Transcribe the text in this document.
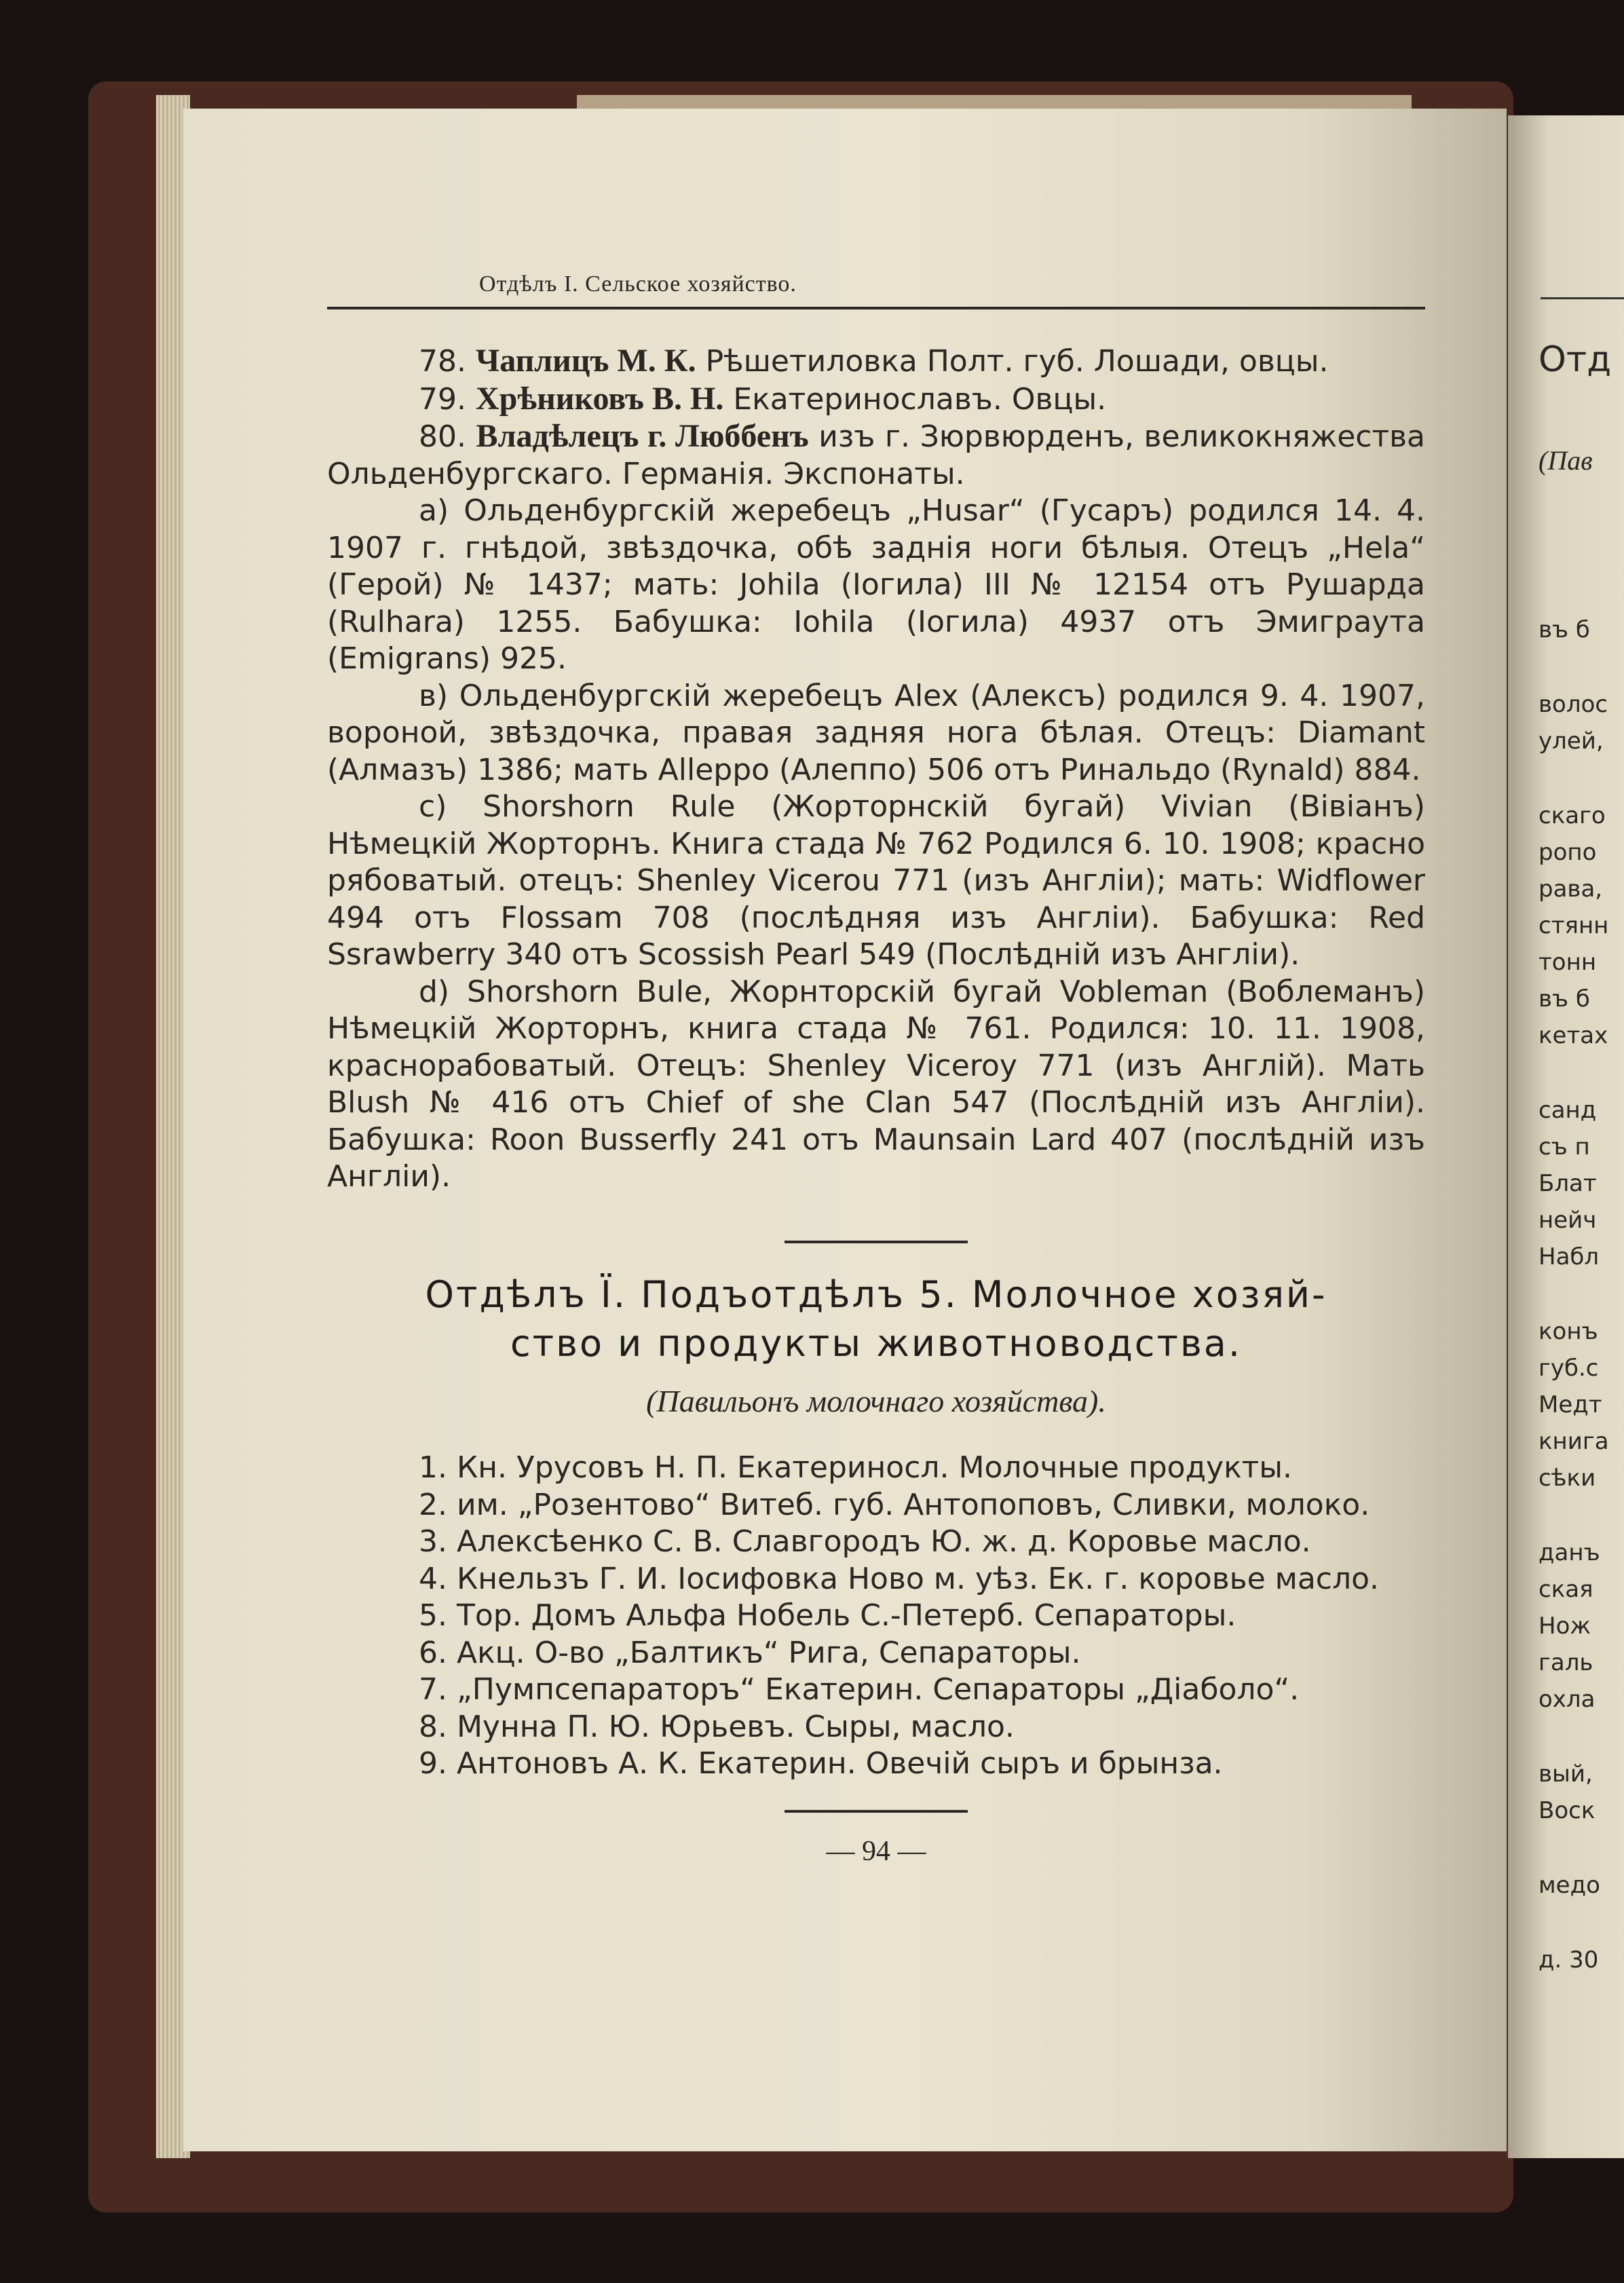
Отд
(Пав
въ б
волос
улей,
скаго
ропо
рава,
стянн
тонн
въ б
кетах
санд
съ п
Блат
нейч
Набл
конъ
губ.с
Медт
книга
сѣки
данъ
ская
Нож
галь
охла
вый,
Воск
медо
д. 30
Отдѣлъ I. Сельское хозяйство.

78. Чаплицъ М. К. Рѣшетиловка Полт. губ. Лошади, овцы.

79. Хрѣниковъ В. Н. Екатеринославъ. Овцы.

80. Владѣлецъ г. Люббенъ изъ г. Зюрвюрденъ, великокняжества Ольденбургскаго. Германія. Экспонаты.

а) Ольденбургскій жеребецъ „Husar“ (Гусаръ) родился 14. 4. 1907 г. гнѣдой, звѣздочка, обѣ заднія ноги бѣлыя. Отецъ „Hela“ (Герой) № 1437; мать: Johila (Іогила) III № 12154 отъ Рушарда (Rulhara) 1255. Бабушка: Iohila (Іогила) 4937 отъ Эмиграута (Emigrans) 925.

в) Ольденбургскій жеребецъ Alex (Алексъ) родился 9. 4. 1907, вороной, звѣздочка, правая задняя нога бѣлая. Отецъ: Diamant (Алмазъ) 1386; мать Allеppo (Алеппо) 506 отъ Ринальдо (Rynald) 884.

c) Shorshorn Rule (Жорторнскій бугай) Vivian (Вівіанъ) Нѣмецкій Жорторнъ. Книга стада № 762 Родился 6. 10. 1908; красно рябоватый. отецъ: Shenley Vicerou 771 (изъ Англіи); мать: Widflower 494 отъ Flossam 708 (послѣдняя изъ Англіи). Бабушка: Red Ssrawberry 340 отъ Scossish Pearl 549 (Послѣдній изъ Англіи).

d) Shorshorn Bule, Жорнторскій бугай Vobleman (Воблеманъ) Нѣмецкій Жорторнъ, книга стада № 761. Родился: 10. 11. 1908, краснорабоватый. Отецъ: Shenley Viceroy 771 (изъ Англій). Мать Blush № 416 отъ Chief of she Clan 547 (Послѣдній изъ Англіи). Бабушка: Roon Busserfly 241 отъ Maunsain Lard 407 (послѣдній изъ Англіи).

Отдѣлъ Ї. Подъотдѣлъ 5. Молочное хозяй-
ство и продукты животноводства.
(Павильонъ молочнаго хозяйства).

1. Кн. Урусовъ Н. П. Екатериносл. Молочные продукты.

2. им. „Розентово“ Витеб. губ. Антопоповъ, Сливки, молоко.

3. Алексѣенко С. В. Славгородъ Ю. ж. д. Коровье масло.

4. Кнельзъ Г. И. Іосифовка Ново м. уѣз. Ек. г. коровье масло.

5. Тор. Домъ Альфа Нобель С.-Петерб. Сепараторы.

6. Акц. О-во „Балтикъ“ Рига, Сепараторы.

7. „Пумпсепараторъ“ Екатерин. Сепараторы „Діаболо“.

8. Мунна П. Ю. Юрьевъ. Сыры, масло.

9. Антоновъ А. К. Екатерин. Овечій сыръ и брынза.

— 94 —
